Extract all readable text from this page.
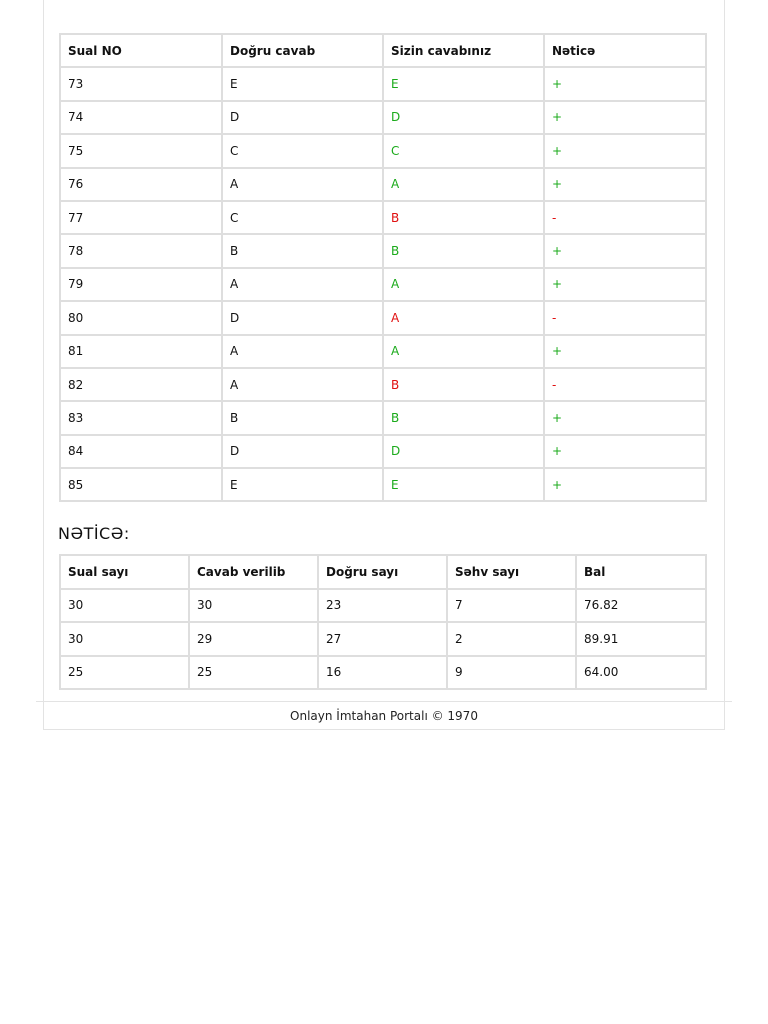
Sual NO	Doğru cavab	Sizin cavabınız	Nəticə
73	E	E	+
74	D	D	+
75	C	C	+
76	A	A	+
77	C	B	-
78	B	B	+
79	A	A	+
80	D	A	-
81	A	A	+
82	A	B	-
83	B	B	+
84	D	D	+
85	E	E	+
NƏTİCƏ:
Sual sayı	Cavab verilib	Doğru sayı	Səhv sayı	Bal
30	30	23	7	76.82
30	29	27	2	89.91
25	25	16	9	64.00
Onlayn İmtahan Portalı © 1970
